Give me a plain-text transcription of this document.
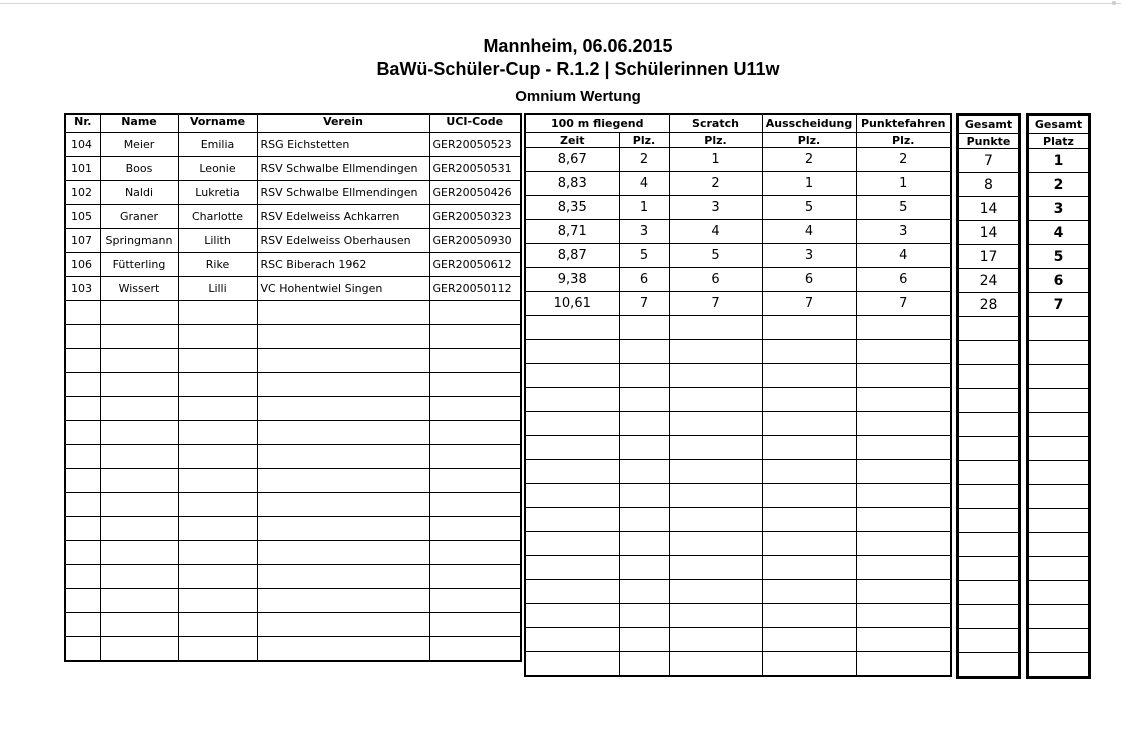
Mannheim, 06.06.2015
BaWü-Schüler-Cup - R.1.2 | Schülerinnen U11w
Omnium Wertung
Nr.	Name	Vorname	Verein	UCI-Code

104	Meier	Emilia	RSG Eichstetten	GER20050523
101	Boos	Leonie	RSV Schwalbe Ellmendingen	GER20050531
102	Naldi	Lukretia	RSV Schwalbe Ellmendingen	GER20050426
105	Graner	Charlotte	RSV Edelweiss Achkarren	GER20050323
107	Springmann	Lilith	RSV Edelweiss Oberhausen	GER20050930
106	Fütterling	Rike	RSC Biberach 1962	GER20050612
103	Wissert	Lilli	VC Hohentwiel Singen	GER20050112

100 m fliegend		Scratch	Ausscheidung	Punktefahren
Zeit	Plz.	Plz.	Plz.	Plz.
8,67	2	1	2	2
8,83	4	2	1	1
8,35	1	3	5	5
8,71	3	4	4	3
8,87	5	5	3	4
9,38	6	6	6	6
10,61	7	7	7	7

Gesamt
Punkte
7
8
14
14
17
24
28

Gesamt
Platz
1
2
3
4
5
6
7
